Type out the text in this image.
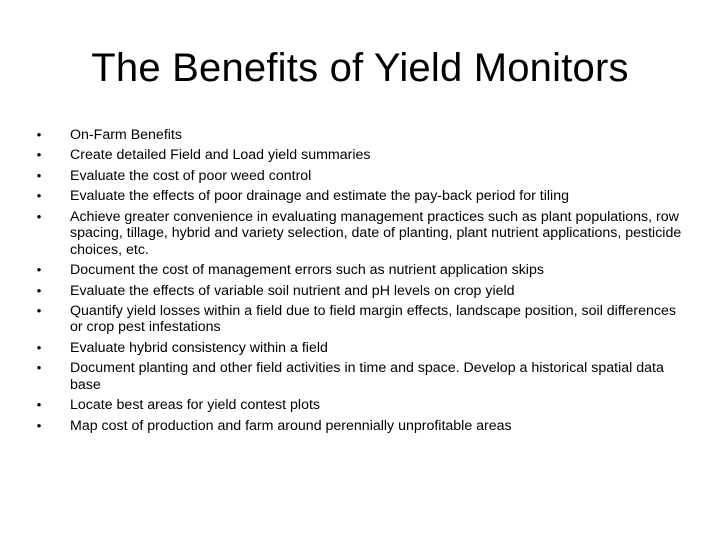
The Benefits of Yield Monitors
•	On-Farm Benefits
•	Create detailed Field and Load yield summaries
•	Evaluate the cost of poor weed control
•	Evaluate the effects of poor drainage and estimate the pay-back period for tiling
•	Achieve greater convenience in evaluating management practices such as plant populations, row spacing, tillage, hybrid and variety selection, date of planting, plant nutrient applications, pesticide choices, etc.
•	Document the cost of management errors such as nutrient application skips
•	Evaluate the effects of variable soil nutrient and pH levels on crop yield
•	Quantify yield losses within a field due to field margin effects, landscape position, soil differences or crop pest infestations
•	Evaluate hybrid consistency within a field
•	Document planting and other field activities in time and space. Develop a historical spatial data base
•	Locate best areas for yield contest plots
•	Map cost of production and farm around perennially unprofitable areas
